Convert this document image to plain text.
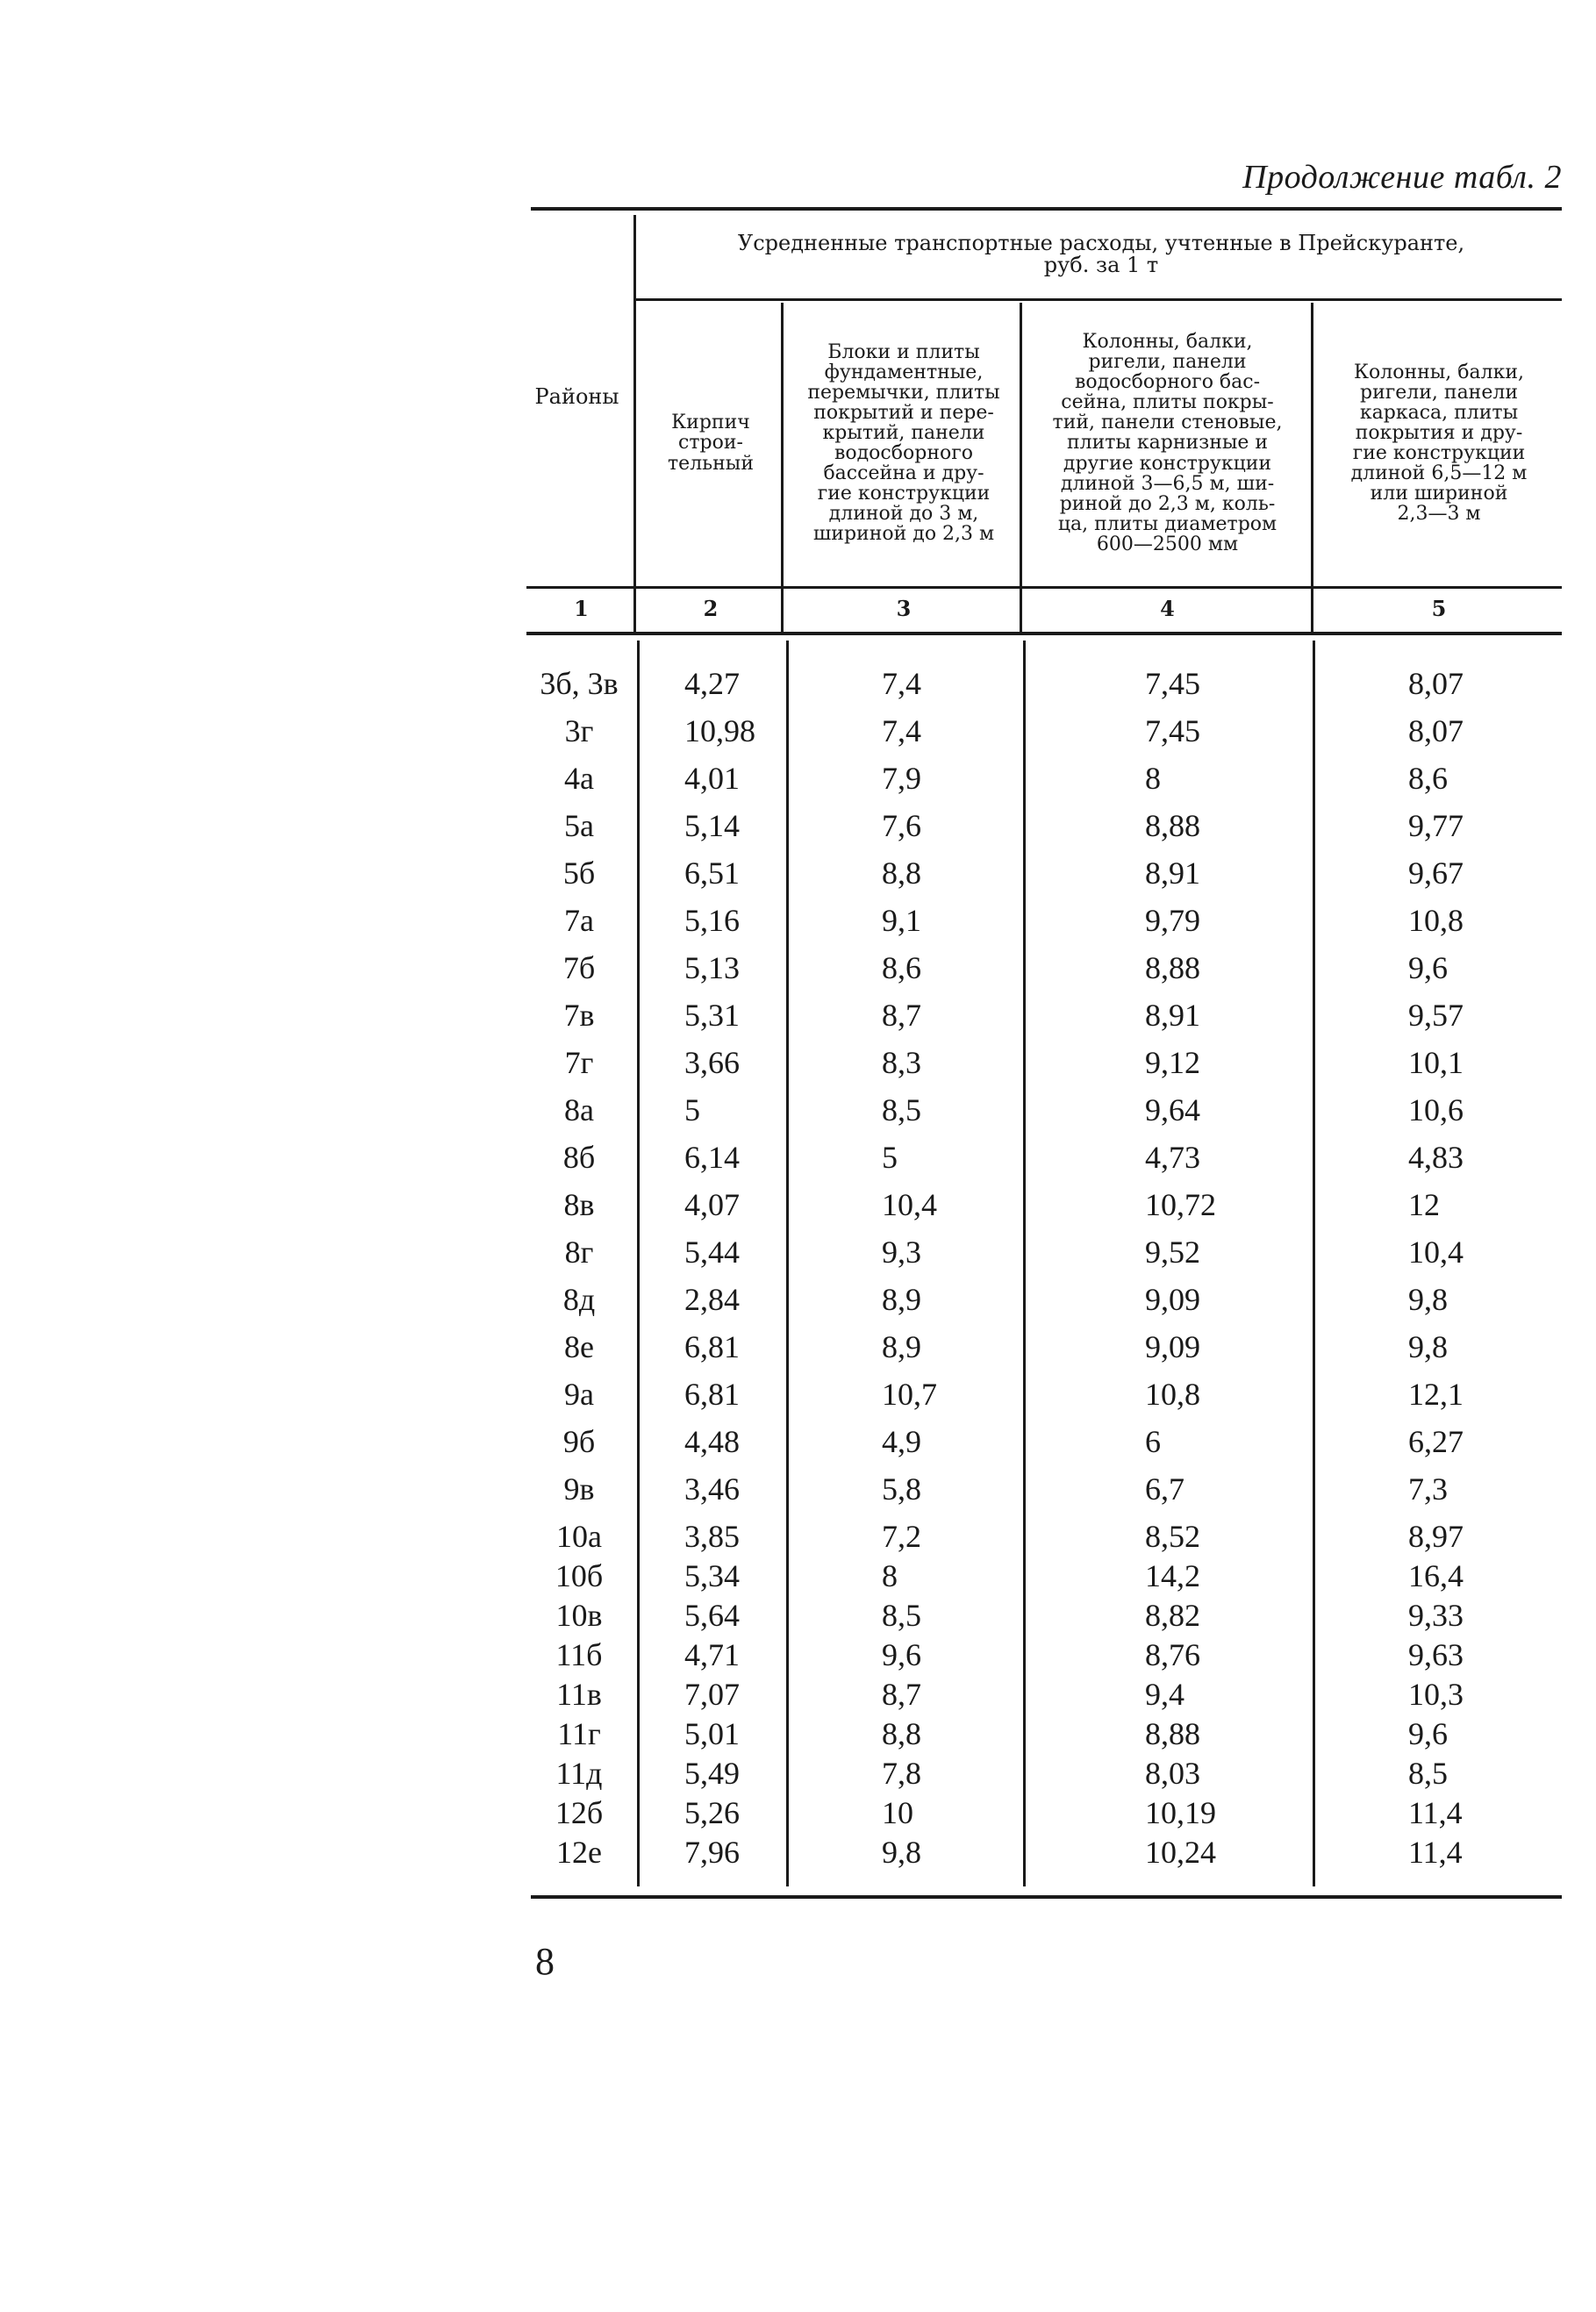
Продолжение табл. 2
Районы
Усредненные транспортные расходы, учтенные в Прейскуранте,
руб. за 1 т
Кирпич
строи-
тельный
Блоки и плиты
фундаментные,
перемычки, плиты
покрытий и пере-
крытий, панели
водосборного
бассейна и дру-
гие конструкции
длиной до 3 м,
шириной до 2,3 м
Колонны, балки,
ригели, панели
водосборного бас-
сейна, плиты покры-
тий, панели стеновые,
плиты карнизные и
другие конструкции
длиной 3—6,5 м, ши-
риной до 2,3 м, коль-
ца, плиты диаметром
600—2500 мм
Колонны, балки,
ригели, панели
каркаса, плиты
покрытия и дру-
гие конструкции
длиной 6,5—12 м
или шириной
2,3—3 м
1	2	3	4	5
3б, 3в 4,27	7,4	7,45	8,07
3г	10,98	7,4	7,45	8,07
4а	4,01	7,9	8	8,6
5а	5,14	7,6	8,88	9,77
5б	6,51	8,8	8,91	9,67
7а	5,16	9,1	9,79	10,8
7б	5,13	8,6	8,88	9,6
7в	5,31	8,7	8,91	9,57
7г	3,66	8,3	9,12	10,1
8а	5	8,5	9,64	10,6
8б	6,14	5	4,73	4,83
8в	4,07	10,4	10,72	12
8г	5,44	9,3	9,52	10,4
8д	2,84	8,9	9,09	9,8
8е	6,81	8,9	9,09	9,8
9а	6,81	10,7	10,8	12,1
9б	4,48	4,9	6	6,27
9в	3,46	5,8	6,7	7,3
10а	3,85	7,2	8,52	8,97
10б	5,34	8	14,2	16,4
10в	5,64	8,5	8,82	9,33
11б	4,71	9,6	8,76	9,63
11в	7,07	8,7	9,4	10,3
11г	5,01	8,8	8,88	9,6
11д	5,49	7,8	8,03	8,5
12б	5,26	10	10,19	11,4
12е	7,96	9,8	10,24	11,4
8
